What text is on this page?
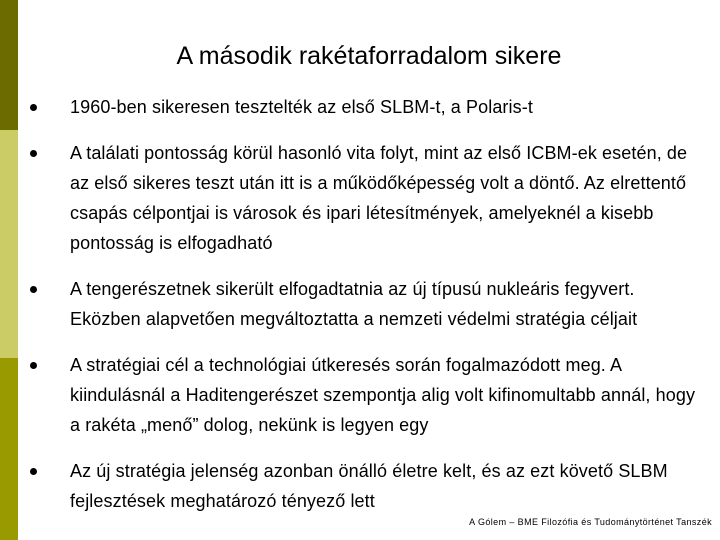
A második rakétaforradalom sikere
1960-ben sikeresen tesztelték az első SLBM-t, a Polaris-t
A találati pontosság körül hasonló vita folyt, mint az első ICBM-ek esetén, de az első sikeres teszt után itt is a működőképesség volt a döntő. Az elrettentő csapás célpontjai is városok és ipari létesítmények, amelyeknél a kisebb pontosság is elfogadható
A tengerészetnek sikerült elfogadtatnia az új típusú nukleáris fegyvert. Eközben alapvetően megváltoztatta a nemzeti védelmi stratégia céljait
A stratégiai cél a technológiai útkeresés során fogalmazódott meg. A kiindulásnál a Haditengerészet szempontja alig volt kifinomultabb annál, hogy a rakéta „menő” dolog, nekünk is legyen egy
Az új stratégia jelenség azonban önálló életre kelt, és az ezt követő SLBM fejlesztések meghatározó tényező lett
A Gólem – BME Filozófia és Tudománytörténet Tanszék
